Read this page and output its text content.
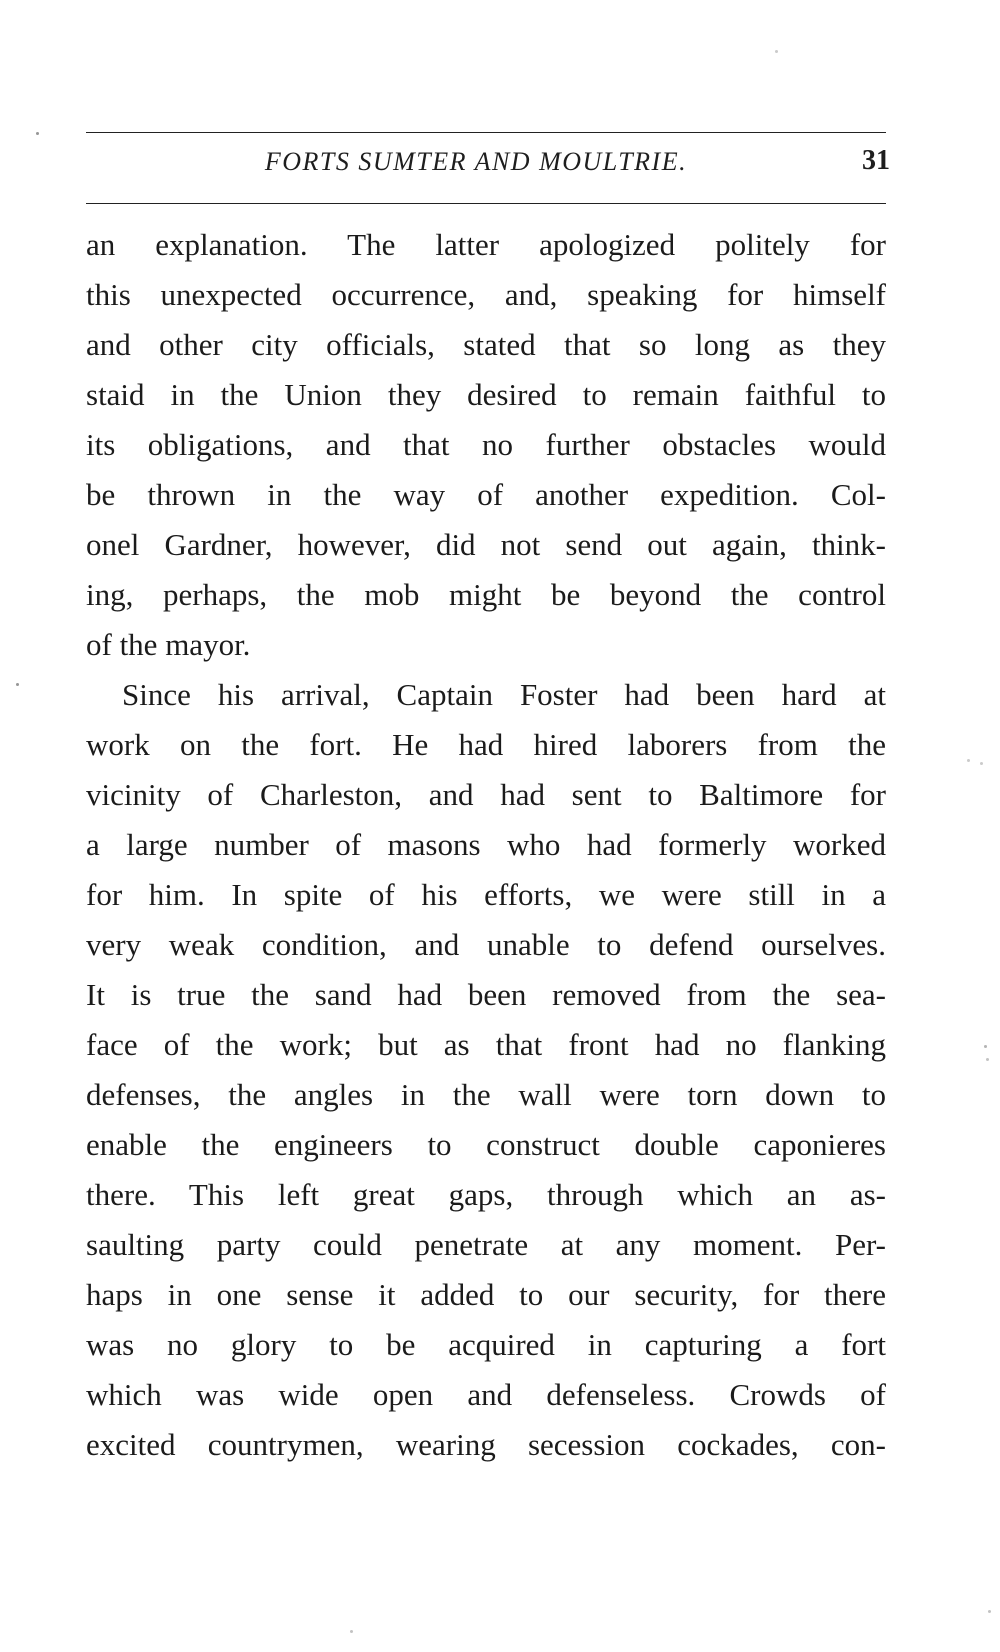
FORTS SUMTER AND MOULTRIE.	31
an explanation. The latter apologized politely for
this unexpected occurrence, and, speaking for himself
and other city officials, stated that so long as they
staid in the Union they desired to remain faithful to
its obligations, and that no further obstacles would
be thrown in the way of another expedition. Col-
onel Gardner, however, did not send out again, think-
ing, perhaps, the mob might be beyond the control
of the mayor.
Since his arrival, Captain Foster had been hard at
work on the fort. He had hired laborers from the
vicinity of Charleston, and had sent to Baltimore for
a large number of masons who had formerly worked
for him. In spite of his efforts, we were still in a
very weak condition, and unable to defend ourselves.
It is true the sand had been removed from the sea-
face of the work; but as that front had no flanking
defenses, the angles in the wall were torn down to
enable the engineers to construct double caponieres
there. This left great gaps, through which an as-
saulting party could penetrate at any moment. Per-
haps in one sense it added to our security, for there
was no glory to be acquired in capturing a fort
which was wide open and defenseless. Crowds of
excited countrymen, wearing secession cockades, con-
